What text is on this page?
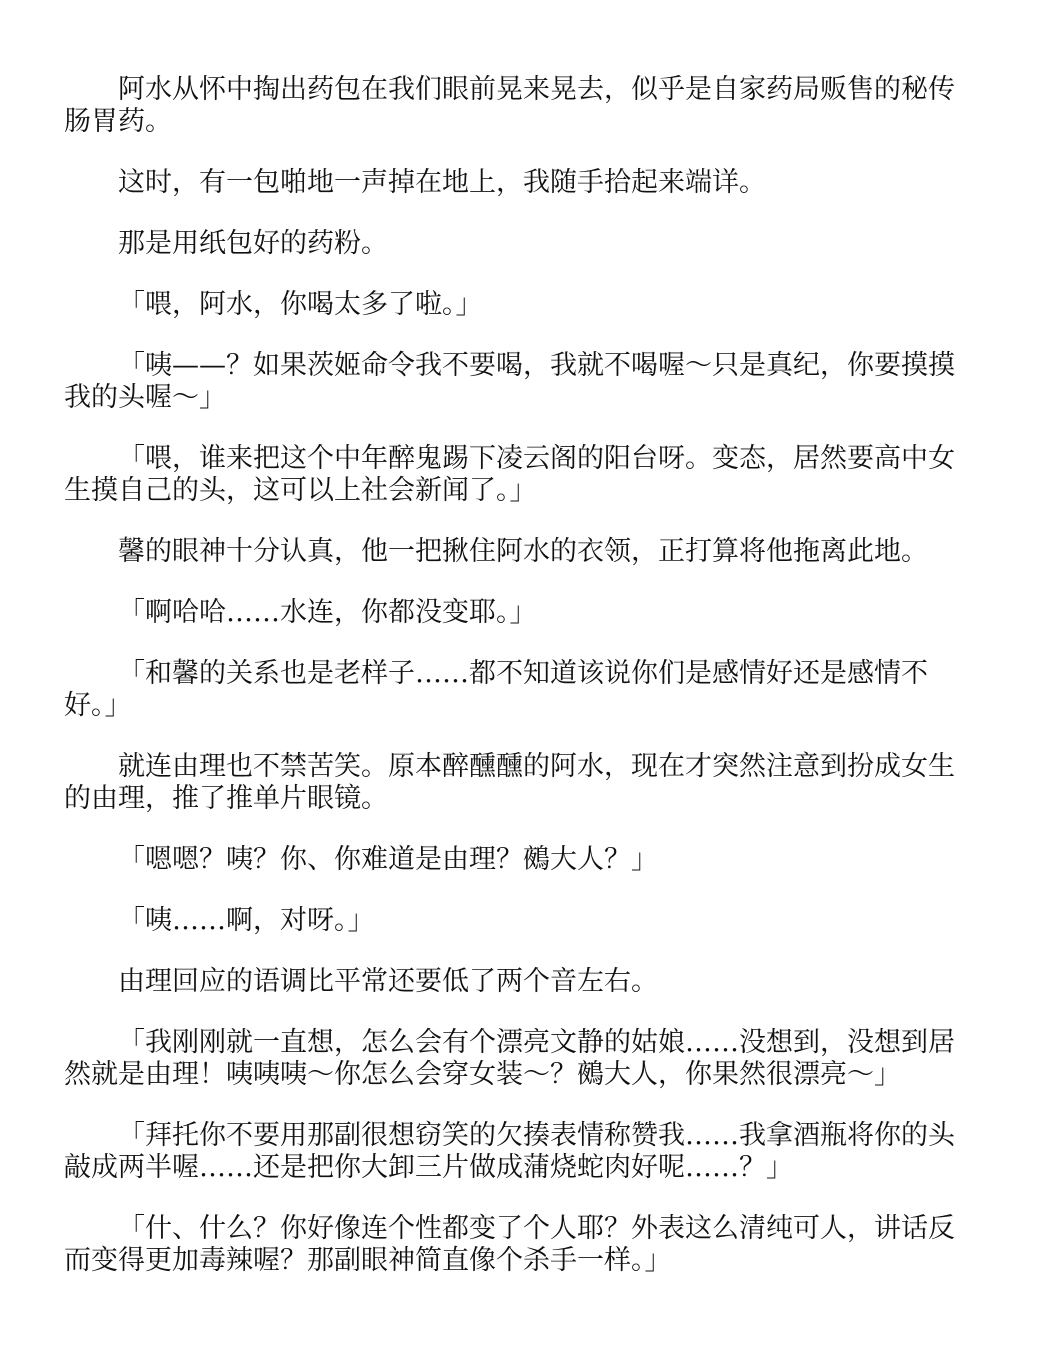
阿水从怀中掏出药包在我们眼前晃来晃去，似乎是自家药局贩售的秘传肠胃药。

这时，有一包啪地一声掉在地上，我随手拾起来端详。

那是用纸包好的药粉。

「喂，阿水，你喝太多了啦。」

「咦——？如果茨姬命令我不要喝，我就不喝喔～只是真纪，你要摸摸我的头喔～」

「喂，谁来把这个中年醉鬼踢下凌云阁的阳台呀。变态，居然要高中女生摸自己的头，这可以上社会新闻了。」

馨的眼神十分认真，他一把揪住阿水的衣领，正打算将他拖离此地。

「啊哈哈……水连，你都没变耶。」

「和馨的关系也是老样子……都不知道该说你们是感情好还是感情不好。」

就连由理也不禁苦笑。原本醉醺醺的阿水，现在才突然注意到扮成女生的由理，推了推单片眼镜。

「嗯嗯？咦？你、你难道是由理？鵺大人？」

「咦……啊，对呀。」

由理回应的语调比平常还要低了两个音左右。

「我刚刚就一直想，怎么会有个漂亮文静的姑娘……没想到，没想到居然就是由理！咦咦咦～你怎么会穿女装～？鵺大人，你果然很漂亮～」

「拜托你不要用那副很想窃笑的欠揍表情称赞我……我拿酒瓶将你的头敲成两半喔……还是把你大卸三片做成蒲烧蛇肉好呢……？」

「什、什么？你好像连个性都变了个人耶？外表这么清纯可人，讲话反而变得更加毒辣喔？那副眼神简直像个杀手一样。」
